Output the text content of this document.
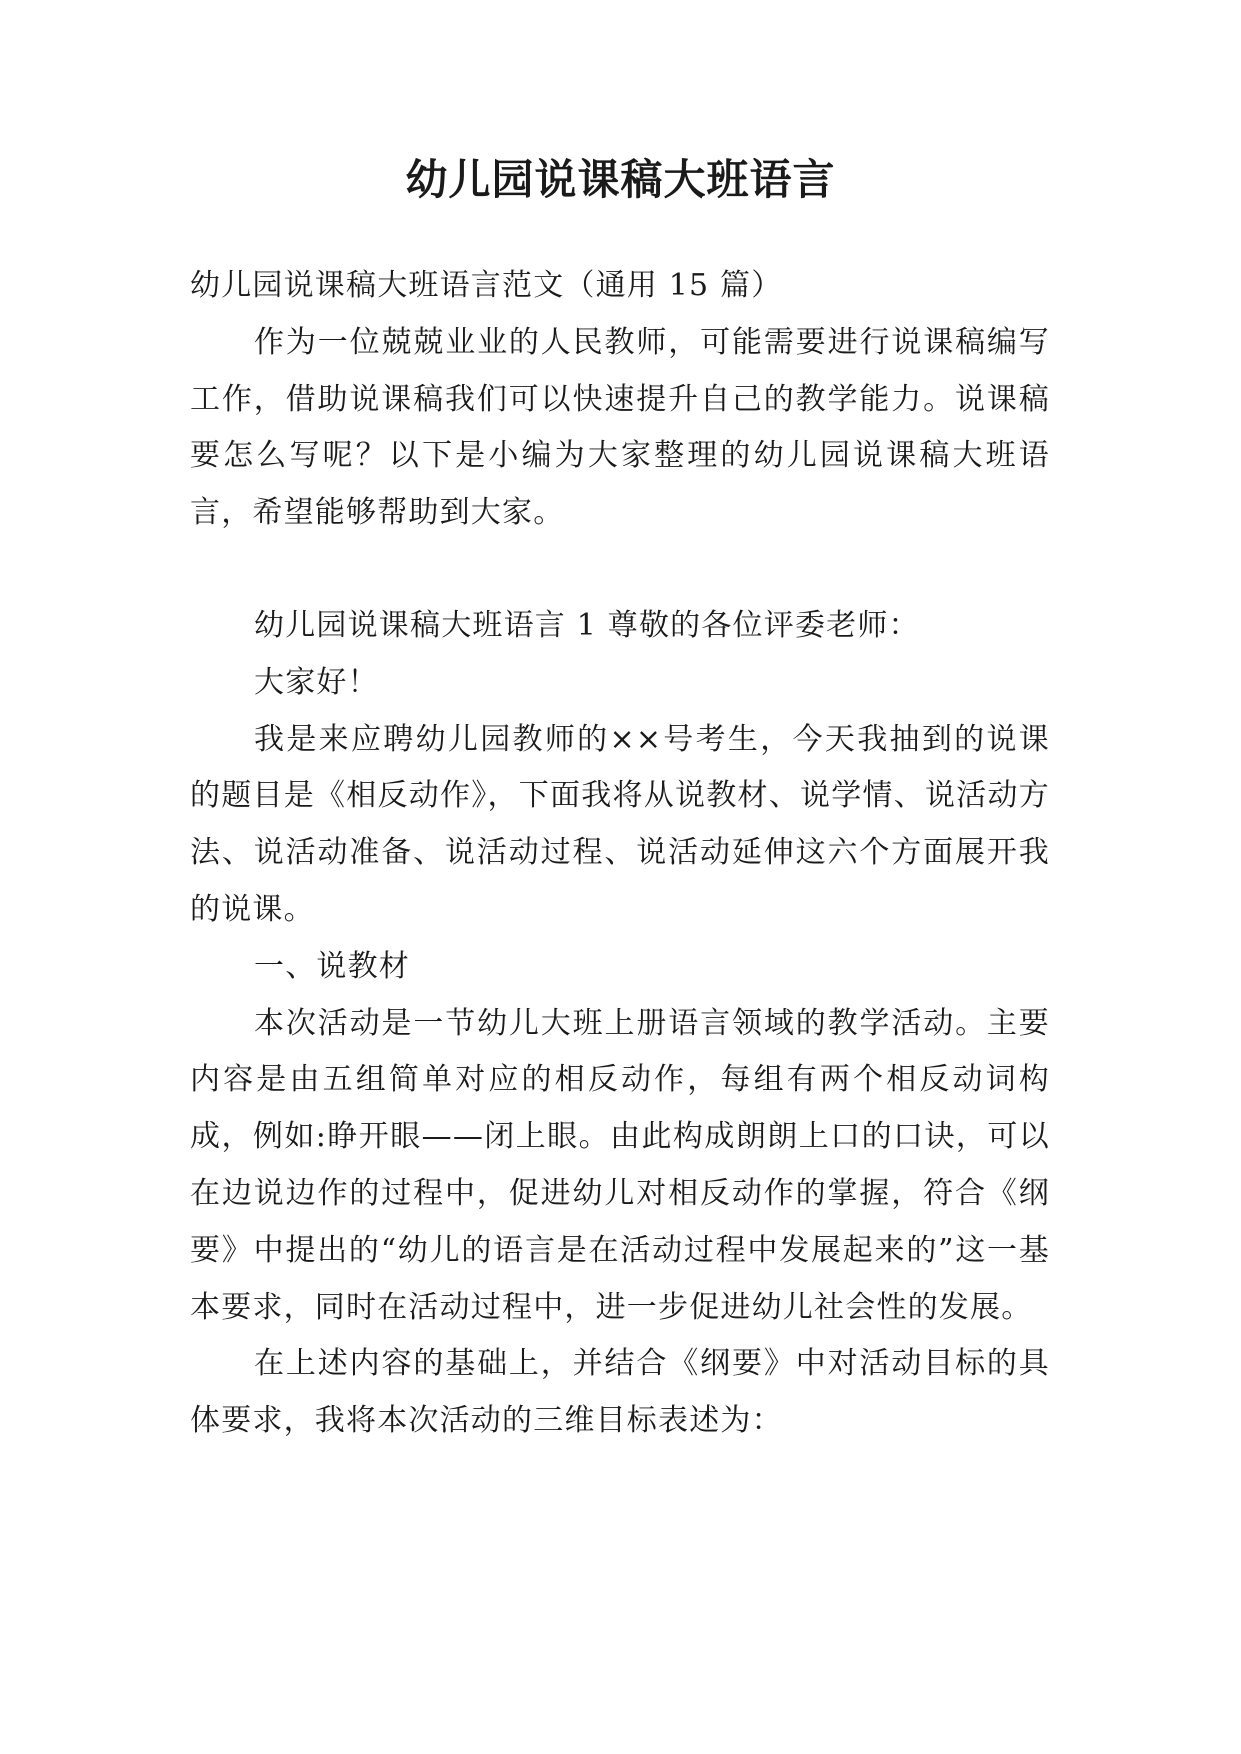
幼儿园说课稿大班语言

幼儿园说课稿大班语言范文（通用 15 篇）

作为一位兢兢业业的人民教师，可能需要进行说课稿编写工作，借助说课稿我们可以快速提升自己的教学能力。说课稿要怎么写呢？以下是小编为大家整理的幼儿园说课稿大班语言，希望能够帮助到大家。

幼儿园说课稿大班语言 1 尊敬的各位评委老师：

大家好！

我是来应聘幼儿园教师的××号考生，今天我抽到的说课的题目是《相反动作》，下面我将从说教材、说学情、说活动方法、说活动准备、说活动过程、说活动延伸这六个方面展开我的说课。

一、说教材

本次活动是一节幼儿大班上册语言领域的教学活动。主要内容是由五组简单对应的相反动作，每组有两个相反动词构成，例如:睁开眼——闭上眼。由此构成朗朗上口的口诀，可以在边说边作的过程中，促进幼儿对相反动作的掌握，符合《纲要》中提出的“幼儿的语言是在活动过程中发展起来的”这一基本要求，同时在活动过程中，进一步促进幼儿社会性的发展。

在上述内容的基础上，并结合《纲要》中对活动目标的具体要求，我将本次活动的三维目标表述为：
